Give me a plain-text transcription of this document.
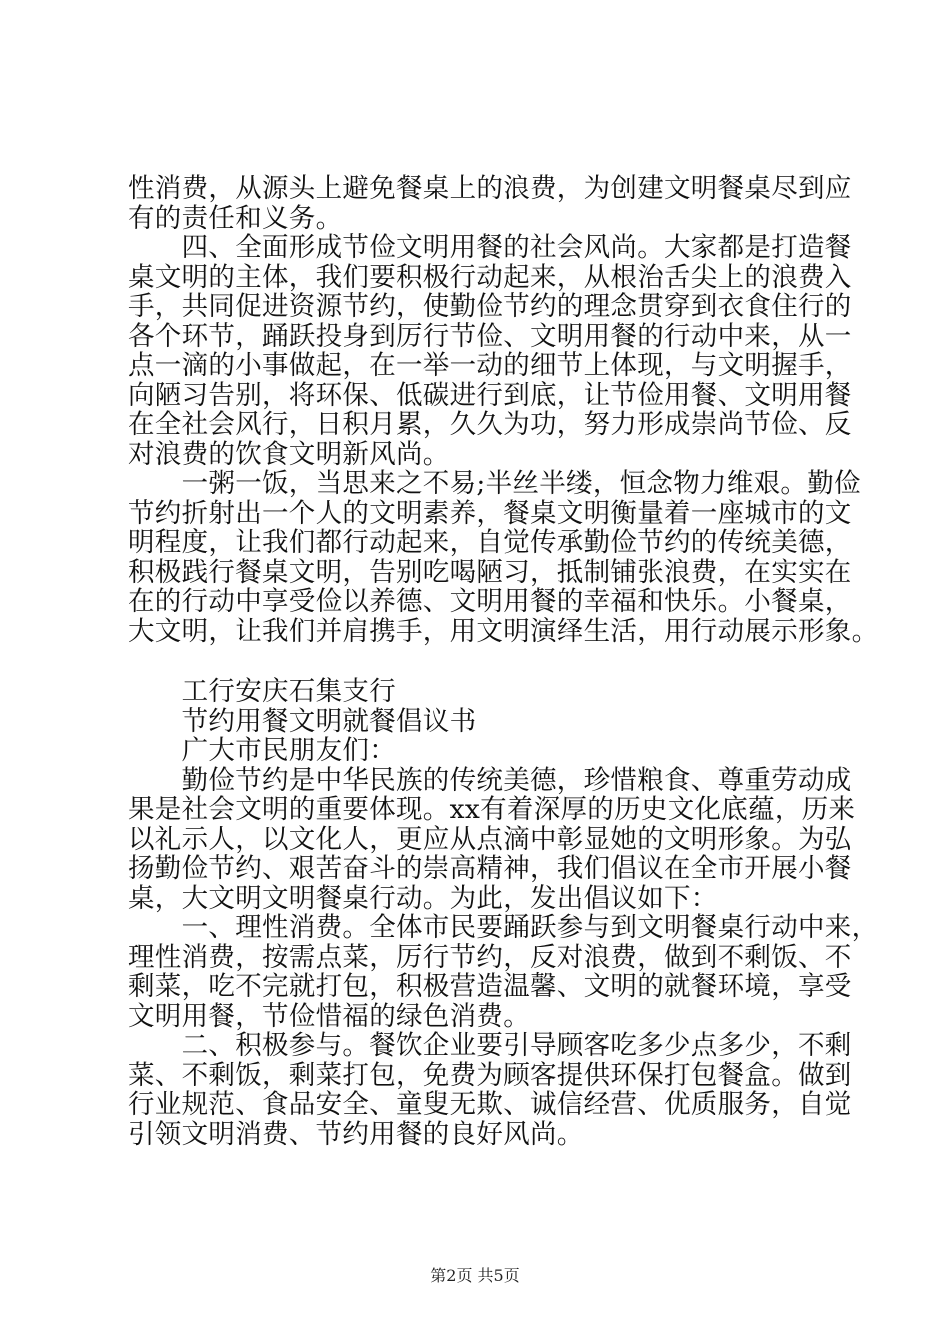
性消费，从源头上避免餐桌上的浪费，为创建文明餐桌尽到应
有的责任和义务。
　　四、全面形成节俭文明用餐的社会风尚。大家都是打造餐
桌文明的主体，我们要积极行动起来，从根治舌尖上的浪费入
手，共同促进资源节约，使勤俭节约的理念贯穿到衣食住行的
各个环节，踊跃投身到厉行节俭、文明用餐的行动中来，从一
点一滴的小事做起，在一举一动的细节上体现，与文明握手，
向陋习告别，将环保、低碳进行到底，让节俭用餐、文明用餐
在全社会风行，日积月累，久久为功，努力形成崇尚节俭、反
对浪费的饮食文明新风尚。
　　一粥一饭，当思来之不易;半丝半缕，恒念物力维艰。勤俭
节约折射出一个人的文明素养，餐桌文明衡量着一座城市的文
明程度，让我们都行动起来，自觉传承勤俭节约的传统美德，
积极践行餐桌文明，告别吃喝陋习，抵制铺张浪费，在实实在
在的行动中享受俭以养德、文明用餐的幸福和快乐。小餐桌，
大文明，让我们并肩携手，用文明演绎生活，用行动展示形象。
　　工行安庆石集支行
　　节约用餐文明就餐倡议书
　　广大市民朋友们：
　　勤俭节约是中华民族的传统美德，珍惜粮食、尊重劳动成
果是社会文明的重要体现。xx有着深厚的历史文化底蕴，历来
以礼示人，以文化人，更应从点滴中彰显她的文明形象。为弘
扬勤俭节约、艰苦奋斗的崇高精神，我们倡议在全市开展小餐
桌，大文明文明餐桌行动。为此，发出倡议如下：
　　一、理性消费。全体市民要踊跃参与到文明餐桌行动中来，
理性消费，按需点菜，厉行节约，反对浪费，做到不剩饭、不
剩菜，吃不完就打包，积极营造温馨、文明的就餐环境，享受
文明用餐，节俭惜福的绿色消费。
　　二、积极参与。餐饮企业要引导顾客吃多少点多少，不剩
菜、不剩饭，剩菜打包，免费为顾客提供环保打包餐盒。做到
行业规范、食品安全、童叟无欺、诚信经营、优质服务，自觉
引领文明消费、节约用餐的良好风尚。
第2页 共5页
